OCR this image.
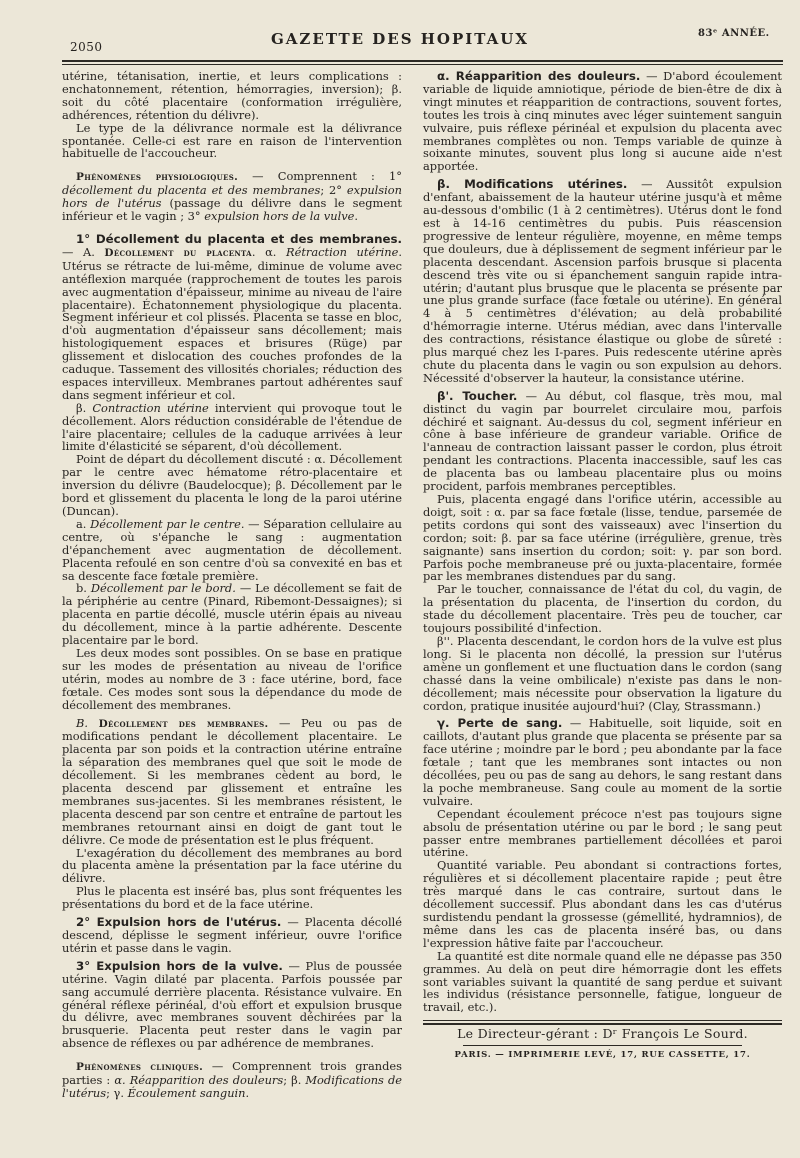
2050	GAZETTE DES HOPITAUX	83ᵉ ANNÉE.

utérine, tétanisation, inertie, et leurs complications : enchatonnement, rétention, hémorragies, inversion); β. soit du côté placentaire (conformation irrégulière, adhérences, rétention du délivre).

Le type de la délivrance normale est la délivrance spontanée. Celle-ci est rare en raison de l'intervention habituelle de l'accoucheur.

Phénomènes physiologiques. — Comprennent : 1° décollement du placenta et des membranes; 2° expulsion hors de l'utérus (passage du délivre dans le segment inférieur et le vagin ; 3° expulsion hors de la vulve.

1° Décollement du placenta et des membranes. — A. Décollement du placenta. α. Rétraction utérine. Utérus se rétracte de lui-même, diminue de volume avec antéflexion marquée (rapprochement de toutes les parois avec augmentation d'épaisseur, minime au niveau de l'aire placentaire). Échatonnement physiologique du placenta. Segment inférieur et col plissés. Placenta se tasse en bloc, d'où augmentation d'épaisseur sans décollement; mais histologiquement espaces et brisures (Rüge) par glissement et dislocation des couches profondes de la caduque. Tassement des villosités choriales; réduction des espaces intervilleux. Membranes partout adhérentes sauf dans segment inférieur et col.

β. Contraction utérine intervient qui provoque tout le décollement. Alors réduction considérable de l'étendue de l'aire placentaire; cellules de la caduque arrivées à leur limite d'élasticité se séparent, d'où décollement.

Point de départ du décollement discuté : α. Décollement par le centre avec hématome rétro-placentaire et inversion du délivre (Baudelocque); β. Décollement par le bord et glissement du placenta le long de la paroi utérine (Duncan).

a. Décollement par le centre. — Séparation cellulaire au centre, où s'épanche le sang : augmentation d'épanchement avec augmentation de décollement. Placenta refoulé en son centre d'où sa convexité en bas et sa descente face fœtale première.

b. Décollement par le bord. — Le décollement se fait de la périphérie au centre (Pinard, Ribemont-Dessaignes); si placenta en partie décollé, muscle utérin épais au niveau du décollement, mince à la partie adhérente. Descente placentaire par le bord.

Les deux modes sont possibles. On se base en pratique sur les modes de présentation au niveau de l'orifice utérin, modes au nombre de 3 : face utérine, bord, face fœtale. Ces modes sont sous la dépendance du mode de décollement des membranes.

B. Décollement des membranes. — Peu ou pas de modifications pendant le décollement placentaire. Le placenta par son poids et la contraction utérine entraîne la séparation des membranes quel que soit le mode de décollement. Si les membranes cèdent au bord, le placenta descend par glissement et entraîne les membranes sus-jacentes. Si les membranes résistent, le placenta descend par son centre et entraîne de partout les membranes retournant ainsi en doigt de gant tout le délivre. Ce mode de présentation est le plus fréquent.

L'exagération du décollement des membranes au bord du placenta amène la présentation par la face utérine du délivre.

Plus le placenta est inséré bas, plus sont fréquentes les présentations du bord et de la face utérine.

2° Expulsion hors de l'utérus. — Placenta décollé descend, déplisse le segment inférieur, ouvre l'orifice utérin et passe dans le vagin.

3° Expulsion hors de la vulve. — Plus de poussée utérine. Vagin dilaté par placenta. Parfois poussée par sang accumulé derrière placenta. Résistance vulvaire. En général réflexe périnéal, d'où effort et expulsion brusque du délivre, avec membranes souvent déchirées par la brusquerie. Placenta peut rester dans le vagin par absence de réflexes ou par adhérence de membranes.

Phénomènes cliniques. — Comprennent trois grandes parties : α. Réapparition des douleurs; β. Modifications de l'utérus; γ. Écoulement sanguin.

α. Réapparition des douleurs. — D'abord écoulement variable de liquide amniotique, période de bien-être de dix à vingt minutes et réapparition de contractions, souvent fortes, toutes les trois à cinq minutes avec léger suintement sanguin vulvaire, puis réflexe périnéal et expulsion du placenta avec membranes complètes ou non. Temps variable de quinze à soixante minutes, souvent plus long si aucune aide n'est apportée.

β. Modifications utérines. — Aussitôt expulsion d'enfant, abaissement de la hauteur utérine jusqu'à et même au-dessous d'ombilic (1 à 2 centimètres). Utérus dont le fond est à 14-16 centimètres du pubis. Puis réascension progressive de lenteur régulière, moyenne, en même temps que douleurs, due à déplissement de segment inférieur par le placenta descendant. Ascension parfois brusque si placenta descend très vite ou si épanchement sanguin rapide intra-utérin; d'autant plus brusque que le placenta se présente par une plus grande surface (face fœtale ou utérine). En général 4 à 5 centimètres d'élévation; au delà probabilité d'hémorragie interne. Utérus médian, avec dans l'intervalle des contractions, résistance élastique ou globe de sûreté : plus marqué chez les I-pares. Puis redescente utérine après chute du placenta dans le vagin ou son expulsion au dehors. Nécessité d'observer la hauteur, la consistance utérine.

β'. Toucher. — Au début, col flasque, très mou, mal distinct du vagin par bourrelet circulaire mou, parfois déchiré et saignant. Au-dessus du col, segment inférieur en cône à base inférieure de grandeur variable. Orifice de l'anneau de contraction laissant passer le cordon, plus étroit pendant les contractions. Placenta inaccessible, sauf les cas de placenta bas ou lambeau placentaire plus ou moins procident, parfois membranes perceptibles.

Puis, placenta engagé dans l'orifice utérin, accessible au doigt, soit : α. par sa face fœtale (lisse, tendue, parsemée de petits cordons qui sont des vaisseaux) avec l'insertion du cordon; soit: β. par sa face utérine (irrégulière, grenue, très saignante) sans insertion du cordon; soit: γ. par son bord. Parfois poche membraneuse pré ou juxta-placentaire, formée par les membranes distendues par du sang.

Par le toucher, connaissance de l'état du col, du vagin, de la présentation du placenta, de l'insertion du cordon, du stade du décollement placentaire. Très peu de toucher, car toujours possibilité d'infection.

β''. Placenta descendant, le cordon hors de la vulve est plus long. Si le placenta non décollé, la pression sur l'utérus amène un gonflement et une fluctuation dans le cordon (sang chassé dans la veine ombilicale) n'existe pas dans le non-décollement; mais nécessite pour observation la ligature du cordon, pratique inusitée aujourd'hui? (Clay, Strassmann.)

γ. Perte de sang. — Habituelle, soit liquide, soit en caillots, d'autant plus grande que placenta se présente par sa face utérine ; moindre par le bord ; peu abondante par la face fœtale ; tant que les membranes sont intactes ou non décollées, peu ou pas de sang au dehors, le sang restant dans la poche membraneuse. Sang coule au moment de la sortie vulvaire.

Cependant écoulement précoce n'est pas toujours signe absolu de présentation utérine ou par le bord ; le sang peut passer entre membranes partiellement décollées et paroi utérine.

Quantité variable. Peu abondant si contractions fortes, régulières et si décollement placentaire rapide ; peut être très marqué dans le cas contraire, surtout dans le décollement successif. Plus abondant dans les cas d'utérus surdistendu pendant la grossesse (gémellité, hydramnios), de même dans les cas de placenta inséré bas, ou dans l'expression hâtive faite par l'accoucheur.

La quantité est dite normale quand elle ne dépasse pas 350 grammes. Au delà on peut dire hémorragie dont les effets sont variables suivant la quantité de sang perdue et suivant les individus (résistance personnelle, fatigue, longueur de travail, etc.).

Le Directeur-gérant : Dʳ François Le Sourd.
PARIS. — IMPRIMERIE LEVÉ, 17, RUE CASSETTE, 17.
